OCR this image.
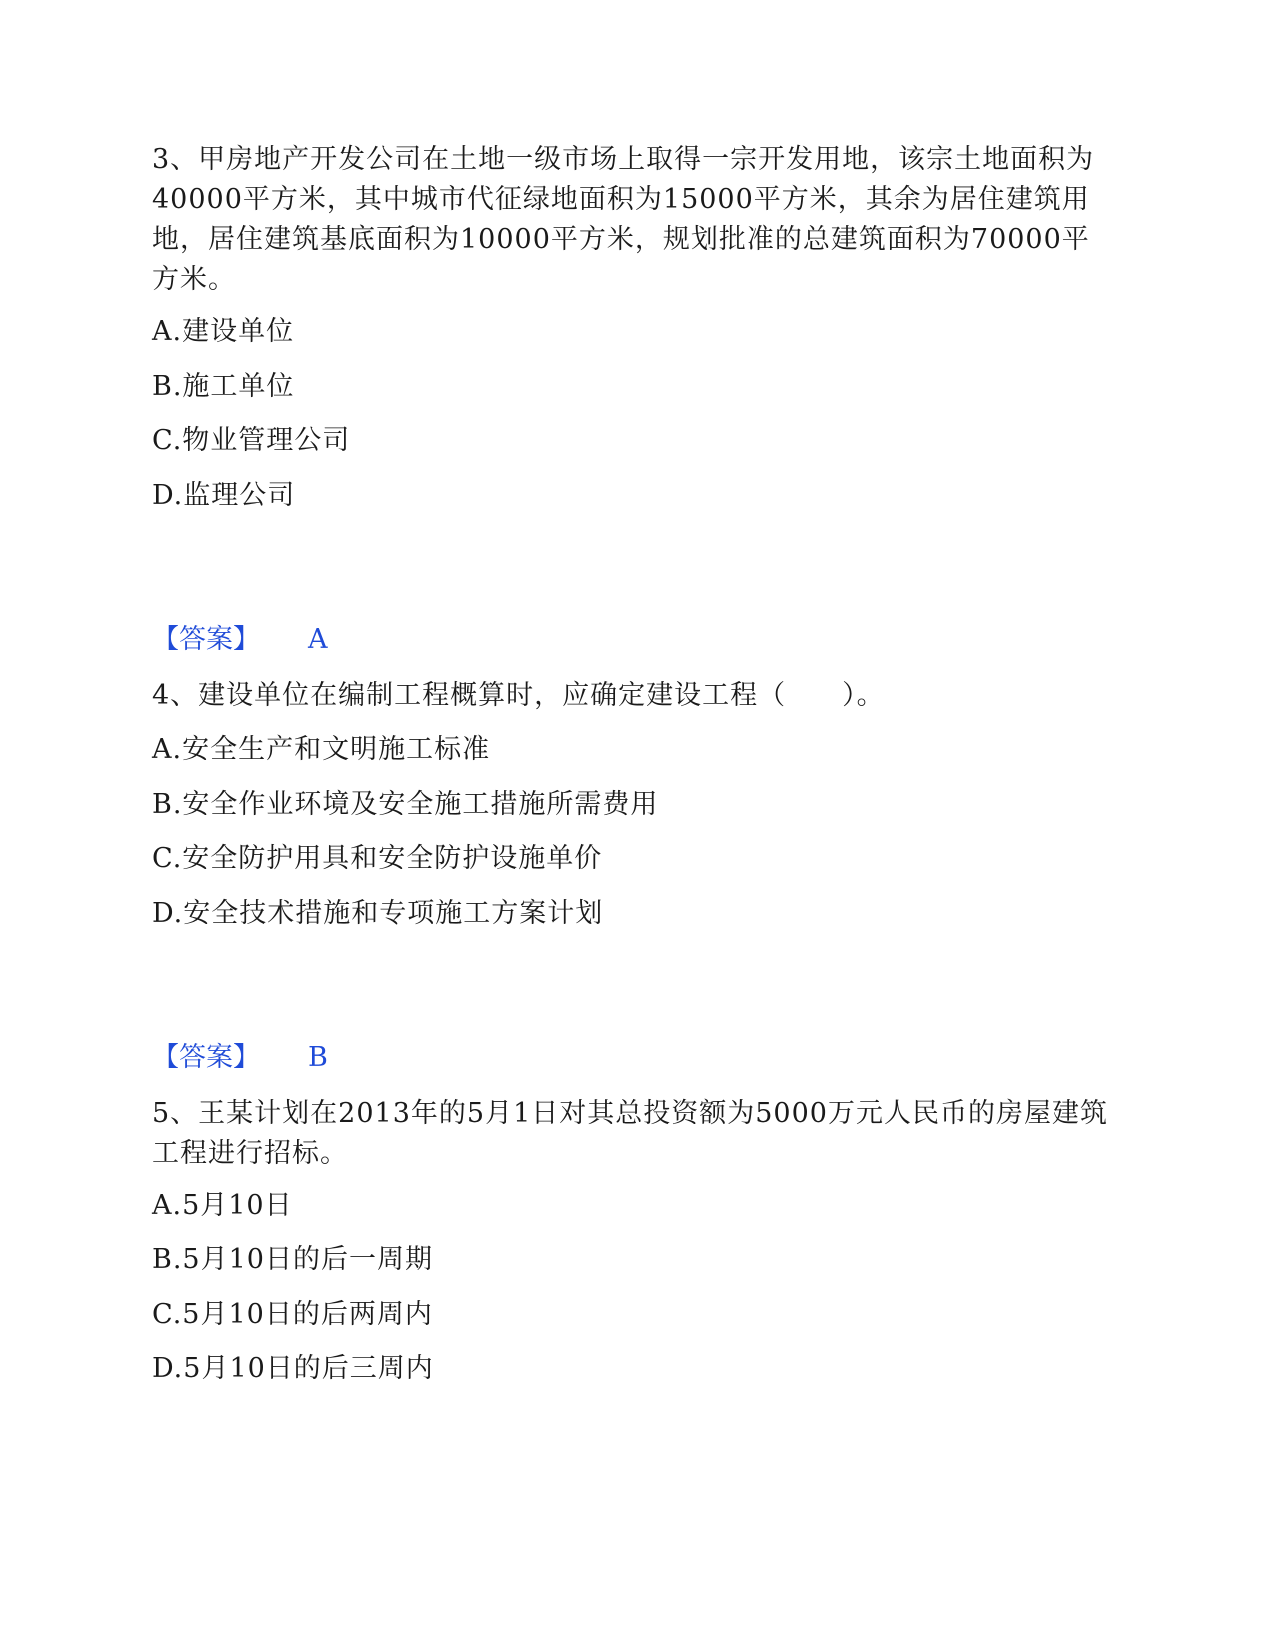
3、甲房地产开发公司在土地一级市场上取得一宗开发用地，该宗土地面积为40000平方米，其中城市代征绿地面积为15000平方米，其余为居住建筑用地，居住建筑基底面积为10000平方米，规划批准的总建筑面积为70000平方米。
A.建设单位
B.施工单位
C.物业管理公司
D.监理公司
【答案】 A
4、建设单位在编制工程概算时，应确定建设工程（　　）。
A.安全生产和文明施工标准
B.安全作业环境及安全施工措施所需费用
C.安全防护用具和安全防护设施单价
D.安全技术措施和专项施工方案计划
【答案】 B
5、王某计划在2013年的5月1日对其总投资额为5000万元人民币的房屋建筑工程进行招标。
A.5月10日
B.5月10日的后一周期
C.5月10日的后两周内
D.5月10日的后三周内
